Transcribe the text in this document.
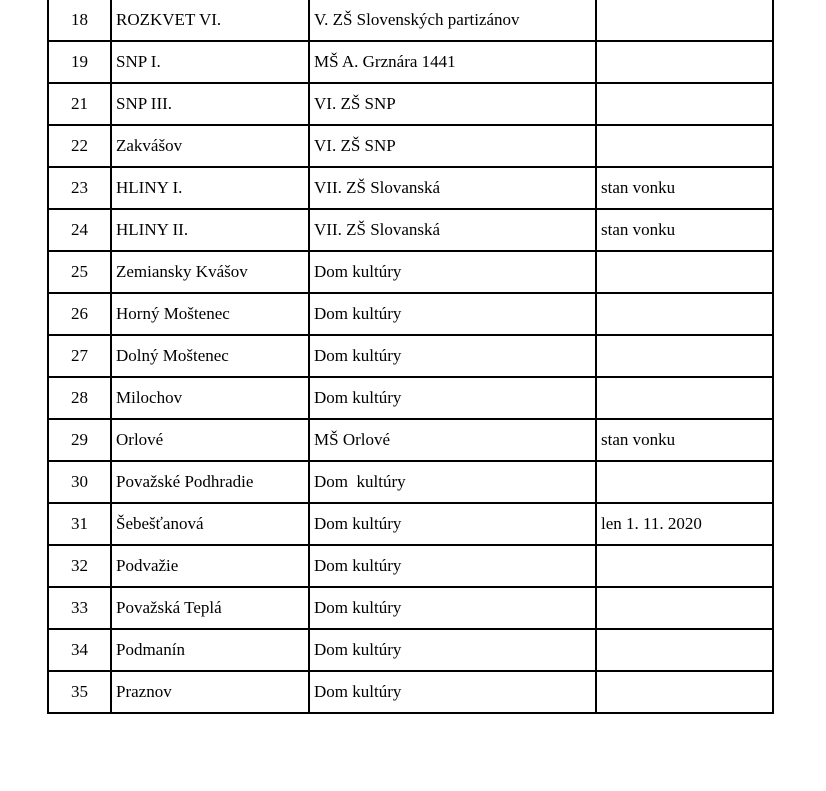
18	ROZKVET VI.	V. ZŠ Slovenských partizánov	
19	SNP I.	MŠ A. Grznára 1441	
21	SNP III.	VI. ZŠ SNP	
22	Zakvášov	VI. ZŠ SNP	
23	HLINY I.	VII. ZŠ Slovanská	stan vonku
24	HLINY II.	VII. ZŠ Slovanská	stan vonku
25	Zemiansky Kvášov	Dom kultúry	
26	Horný Moštenec	Dom kultúry	
27	Dolný Moštenec	Dom kultúry	
28	Milochov	Dom kultúry	
29	Orlové	MŠ Orlové	stan vonku
30	Považské Podhradie	Dom  kultúry	
31	Šebešťanová	Dom kultúry	len 1. 11. 2020
32	Podvažie	Dom kultúry	
33	Považská Teplá	Dom kultúry	
34	Podmanín	Dom kultúry	
35	Praznov	Dom kultúry	
